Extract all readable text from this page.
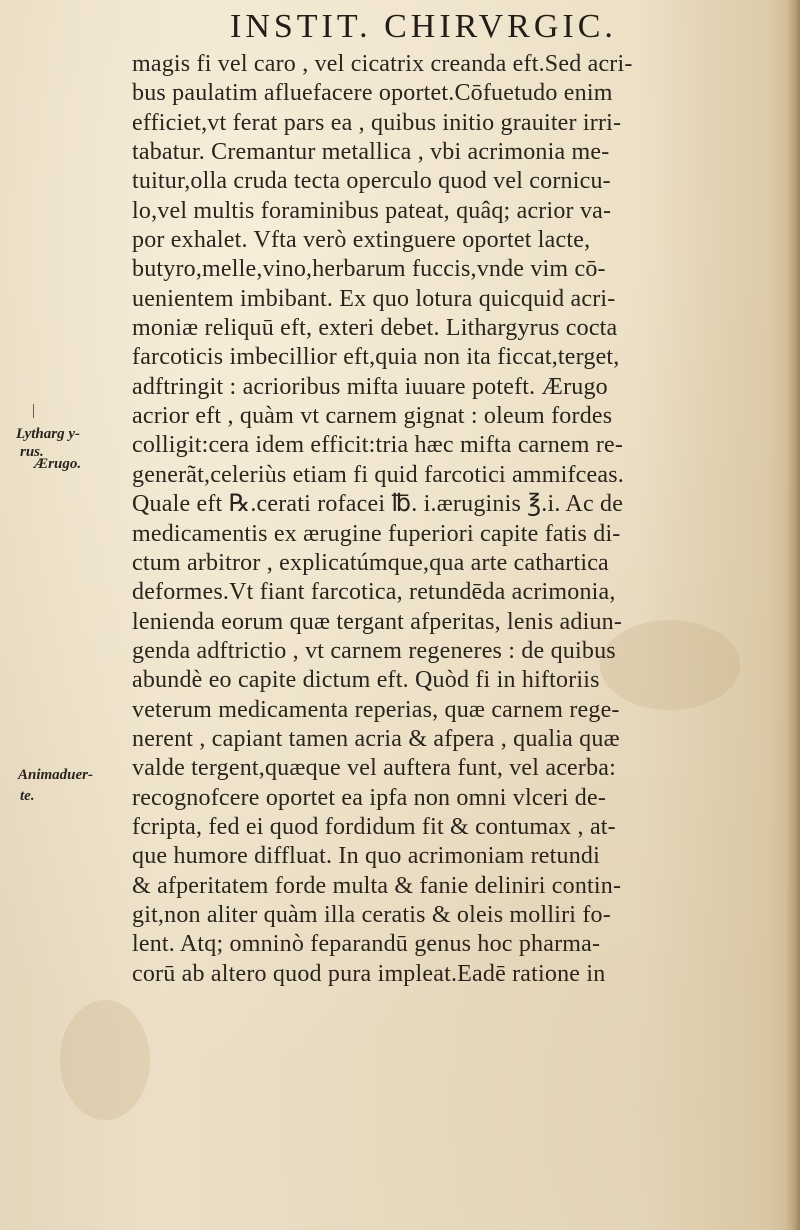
INSTIT. CHIRVRGIC.
magis fi vel caro , vel cicatrix creanda eft.Sed acri-
bus paulatim afluefacere oportet.Cōfuetudo enim
efficiet,vt ferat pars ea , quibus initio grauiter irri-
tabatur. Cremantur metallica , vbi acrimonia me-
tuitur,olla cruda tecta operculo quod vel cornicu-
lo,vel multis foraminibus pateat, quâq; acrior va-
por exhalet. Vfta verò extinguere oportet lacte,
butyro,melle,vino,herbarum fuccis,vnde vim cō-
uenientem imbibant. Ex quo lotura quicquid acri-
moniæ reliquū eft, exteri debet. Lithargyrus cocta
farcoticis imbecillior eft,quia non ita ficcat,terget,
adftringit : acrioribus mifta iuuare poteft. Ærugo
acrior eft , quàm vt carnem gignat : oleum fordes
colligit:cera idem efficit:tria hæc mifta carnem re-
generãt,celeriùs etiam fi quid farcotici ammifceas.
Quale eft ℞.cerati rofacei ℔. i.æruginis ℥.i. Ac de
medicamentis ex ærugine fuperiori capite fatis di-
ctum arbitror , explicatúmque,qua arte cathartica
deformes.Vt fiant farcotica, retundēda acrimonia,
lenienda eorum quæ tergant afperitas, lenis adiun-
genda adftrictio , vt carnem regeneres : de quibus
abundè eo capite dictum eft. Quòd fi in hiftoriis
veterum medicamenta reperias, quæ carnem rege-
nerent , capiant tamen acria & afpera , qualia quæ
valde tergent,quæque vel auftera funt, vel acerba:
recognofcere oportet ea ipfa non omni vlceri de-
fcripta, fed ei quod fordidum fit & contumax , at-
que humore diffluat. In quo acrimoniam retundi
& afperitatem forde multa & fanie deliniri contin-
git,non aliter quàm illa ceratis & oleis molliri fo-
lent. Atq; omninò feparandū genus hoc pharma-
corū ab altero quod pura impleat.Eadē ratione in
Lytharg y-
rus.
Ærugo.
Animaduer-
te.
